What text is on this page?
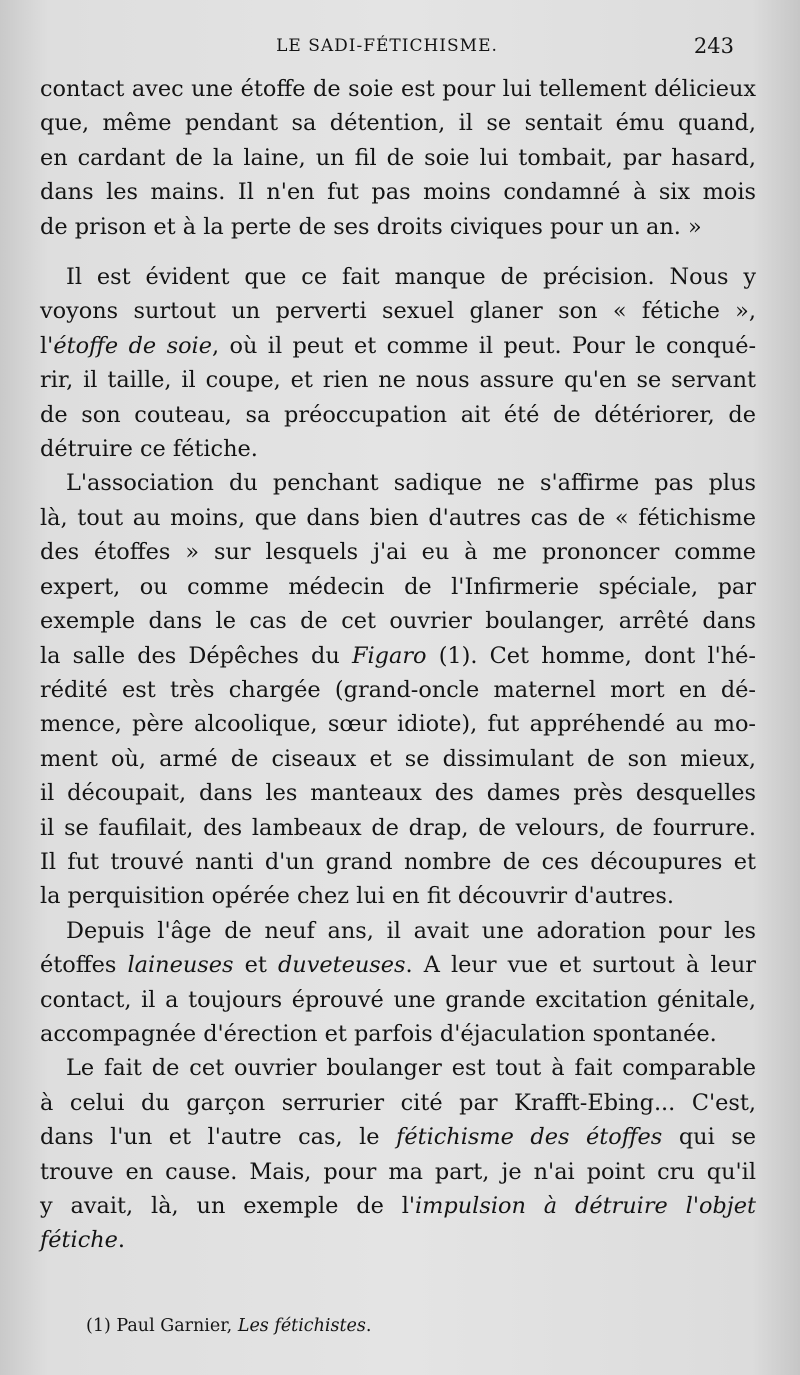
LE SADI-FÉTICHISME.	243

contact avec une étoffe de soie est pour lui tellement délicieux
que, même pendant sa détention, il se sentait ému quand,
en cardant de la laine, un fil de soie lui tombait, par hasard,
dans les mains. Il n'en fut pas moins condamné à six mois
de prison et à la perte de ses droits civiques pour un an. »

Il est évident que ce fait manque de précision. Nous y
voyons surtout un perverti sexuel glaner son « fétiche »,
l'étoffe de soie, où il peut et comme il peut. Pour le conqué-
rir, il taille, il coupe, et rien ne nous assure qu'en se servant
de son couteau, sa préoccupation ait été de détériorer, de
détruire ce fétiche.

L'association du penchant sadique ne s'affirme pas plus
là, tout au moins, que dans bien d'autres cas de « fétichisme
des étoffes » sur lesquels j'ai eu à me prononcer comme
expert, ou comme médecin de l'Infirmerie spéciale, par
exemple dans le cas de cet ouvrier boulanger, arrêté dans
la salle des Dépêches du Figaro (1). Cet homme, dont l'hé-
rédité est très chargée (grand-oncle maternel mort en dé-
mence, père alcoolique, sœur idiote), fut appréhendé au mo-
ment où, armé de ciseaux et se dissimulant de son mieux,
il découpait, dans les manteaux des dames près desquelles
il se faufilait, des lambeaux de drap, de velours, de fourrure.
Il fut trouvé nanti d'un grand nombre de ces découpures et
la perquisition opérée chez lui en fit découvrir d'autres.

Depuis l'âge de neuf ans, il avait une adoration pour les
étoffes laineuses et duveteuses. A leur vue et surtout à leur
contact, il a toujours éprouvé une grande excitation génitale,
accompagnée d'érection et parfois d'éjaculation spontanée.

Le fait de cet ouvrier boulanger est tout à fait comparable
à celui du garçon serrurier cité par Krafft-Ebing... C'est,
dans l'un et l'autre cas, le fétichisme des étoffes qui se
trouve en cause. Mais, pour ma part, je n'ai point cru qu'il
y avait, là, un exemple de l'impulsion à détruire l'objet
fétiche.

(1) Paul Garnier, Les fétichistes.
